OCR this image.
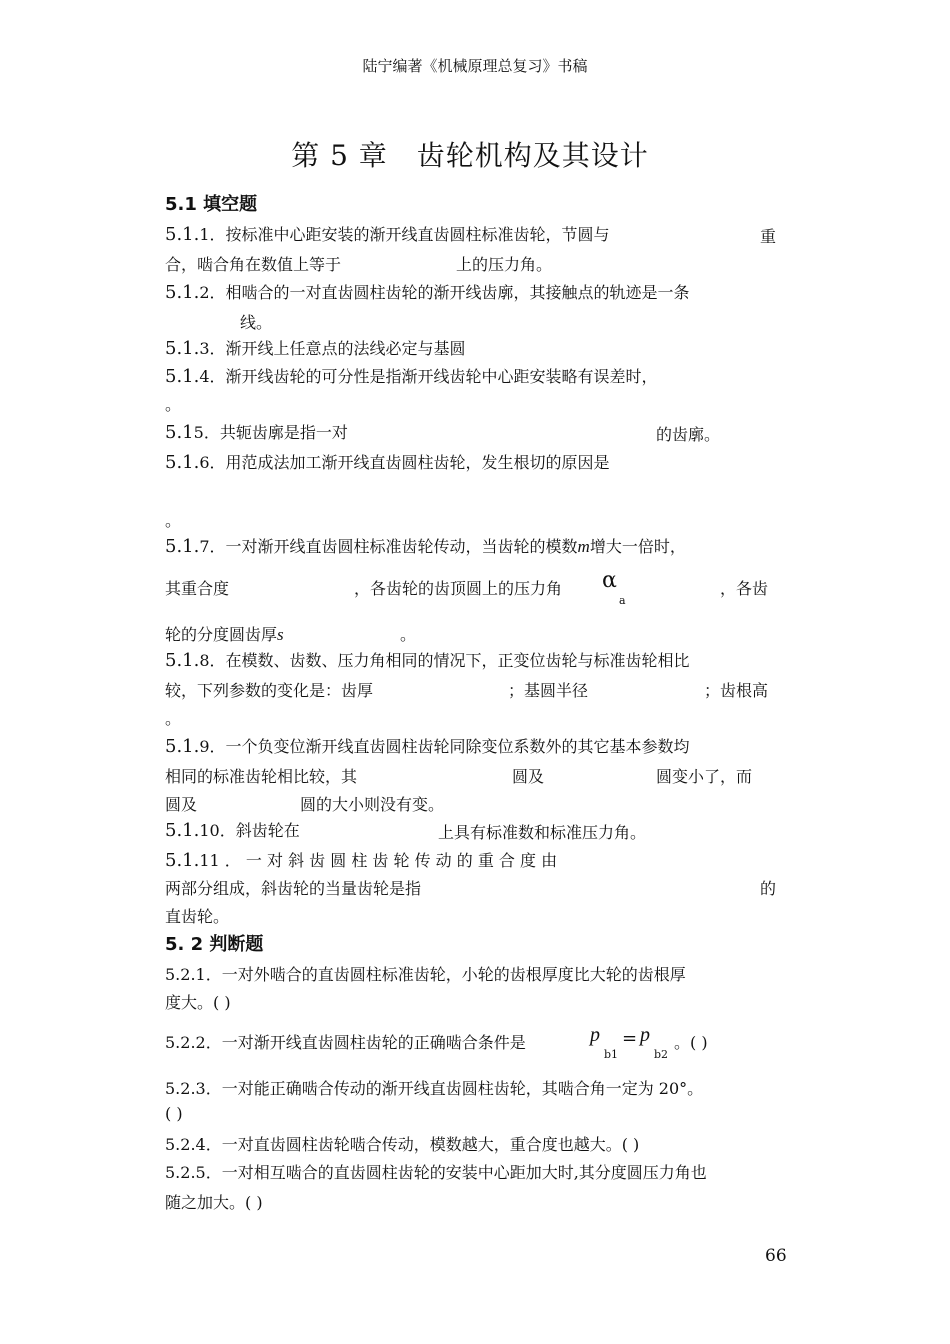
陆宁编著《机械原理总复习》书稿
第 5 章　齿轮机构及其设计
5.1 填空题
5.1.1．按标准中心距安装的渐开线直齿圆柱标准齿轮，节圆与	重
合，啮合角在数值上等于	上的压力角。
5.1.2．相啮合的一对直齿圆柱齿轮的渐开线齿廓，其接触点的轨迹是一条
线。
5.1.3．渐开线上任意点的法线必定与基圆
5.1.4．渐开线齿轮的可分性是指渐开线齿轮中心距安装略有误差时，
。
5.15．共轭齿廓是指一对	的齿廓。
5.1.6．用范成法加工渐开线直齿圆柱齿轮，发生根切的原因是
。
5.1.7．一对渐开线直齿圆柱标准齿轮传动，当齿轮的模数m增大一倍时，
其重合度	，各齿轮的齿顶圆上的压力角 α
a
，各齿
轮的分度圆齿厚s	。
5.1.8．在模数、齿数、压力角相同的情况下，正变位齿轮与标准齿轮相比
较，下列参数的变化是：齿厚	；基圆半径	；齿根高
。
5.1.9．一个负变位渐开线直齿圆柱齿轮同除变位系数外的其它基本参数均
相同的标准齿轮相比较，其	圆及	圆变小了，而
圆及	圆的大小则没有变。
5.1.10．斜齿轮在	上具有标准数和标准压力角。
5.1.11 ． 一 对 斜 齿 圆 柱 齿 轮 传 动 的 重 合 度 由
两部分组成，斜齿轮的当量齿轮是指	的
直齿轮。
5. 2 判断题
5.2.1．一对外啮合的直齿圆柱标准齿轮，小轮的齿根厚度比大轮的齿根厚
度大。( )
5.2.2．一对渐开线直齿圆柱齿轮的正确啮合条件是	p
b1
= p
b2
。( )
5.2.3．一对能正确啮合传动的渐开线直齿圆柱齿轮，其啮合角一定为 20°。
( )
5.2.4．一对直齿圆柱齿轮啮合传动，模数越大，重合度也越大。( )
5.2.5．一对相互啮合的直齿圆柱齿轮的安装中心距加大时,其分度圆压力角也
随之加大。( )
66
